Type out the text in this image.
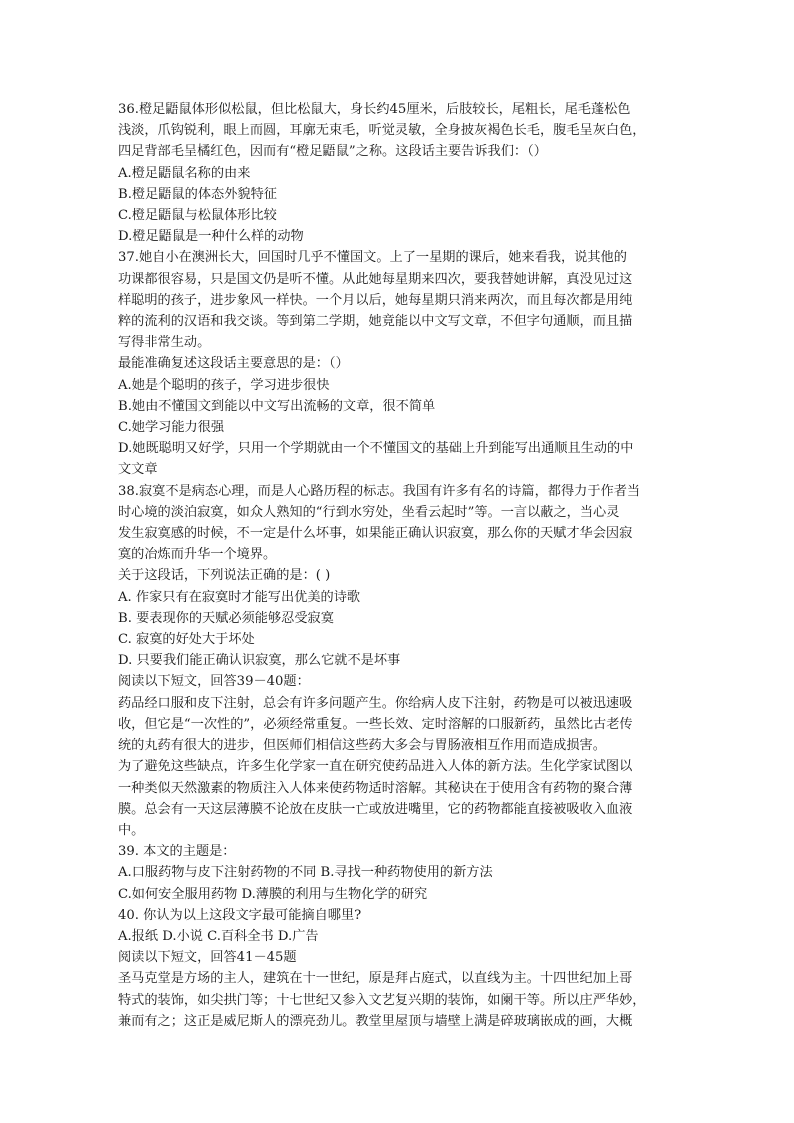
36.橙足鼯鼠体形似松鼠，但比松鼠大，身长约45厘米，后肢较长，尾粗长，尾毛蓬松色
浅淡，爪钩锐利，眼上而圆，耳廓无束毛，听觉灵敏，全身披灰褐色长毛，腹毛呈灰白色，
四足背部毛呈橘红色，因而有“橙足鼯鼠”之称。这段话主要告诉我们：（）
A.橙足鼯鼠名称的由来
B.橙足鼯鼠的体态外貌特征
C.橙足鼯鼠与松鼠体形比较
D.橙足鼯鼠是一种什么样的动物
37.她自小在澳洲长大，回国时几乎不懂国文。上了一星期的课后，她来看我，说其他的
功课都很容易，只是国文仍是听不懂。从此她每星期来四次，要我替她讲解，真没见过这
样聪明的孩子，进步象风一样快。一个月以后，她每星期只消来两次，而且每次都是用纯
粹的流利的汉语和我交谈。等到第二学期，她竟能以中文写文章，不但字句通顺，而且描
写得非常生动。
最能准确复述这段话主要意思的是：（）
A.她是个聪明的孩子，学习进步很快
B.她由不懂国文到能以中文写出流畅的文章，很不简单
C.她学习能力很强
D.她既聪明又好学，只用一个学期就由一个不懂国文的基础上升到能写出通顺且生动的中
文文章
38.寂寞不是病态心理，而是人心路历程的标志。我国有许多有名的诗篇，都得力于作者当
时心境的淡泊寂寞，如众人熟知的“行到水穷处，坐看云起时”等。一言以蔽之，当心灵
发生寂寞感的时候，不一定是什么坏事，如果能正确认识寂寞，那么你的天赋才华会因寂
寞的冶炼而升华一个境界。
关于这段话，下列说法正确的是：( )
A. 作家只有在寂寞时才能写出优美的诗歌
B. 要表现你的天赋必须能够忍受寂寞
C. 寂寞的好处大于坏处
D. 只要我们能正确认识寂寞，那么它就不是坏事
阅读以下短文，回答39－40题：
药品经口服和皮下注射，总会有许多问题产生。你给病人皮下注射，药物是可以被迅速吸
收，但它是“一次性的”，必须经常重复。一些长效、定时溶解的口服新药，虽然比古老传
统的丸药有很大的进步，但医师们相信这些药大多会与胃肠液相互作用而造成损害。
为了避免这些缺点，许多生化学家一直在研究使药品进入人体的新方法。生化学家试图以
一种类似天然激素的物质注入人体来使药物适时溶解。其秘诀在于使用含有药物的聚合薄
膜。总会有一天这层薄膜不论放在皮肤一亡或放进嘴里，它的药物都能直接被吸收入血液
中。
39. 本文的主题是：
A.口服药物与皮下注射药物的不同 B.寻找一种药物使用的新方法
C.如何安全服用药物 D.薄膜的利用与生物化学的研究
40. 你认为以上这段文字最可能摘自哪里?
A.报纸 D.小说 C.百科全书 D.广告
阅读以下短文，回答41－45题
圣马克堂是方场的主人，建筑在十一世纪，原是拜占庭式，以直线为主。十四世纪加上哥
特式的装饰，如尖拱门等；十七世纪又参入文艺复兴期的装饰，如阑干等。所以庄严华妙，
兼而有之；这正是威尼斯人的漂亮劲儿。教堂里屋顶与墙壁上满是碎玻璃嵌成的画，大概
